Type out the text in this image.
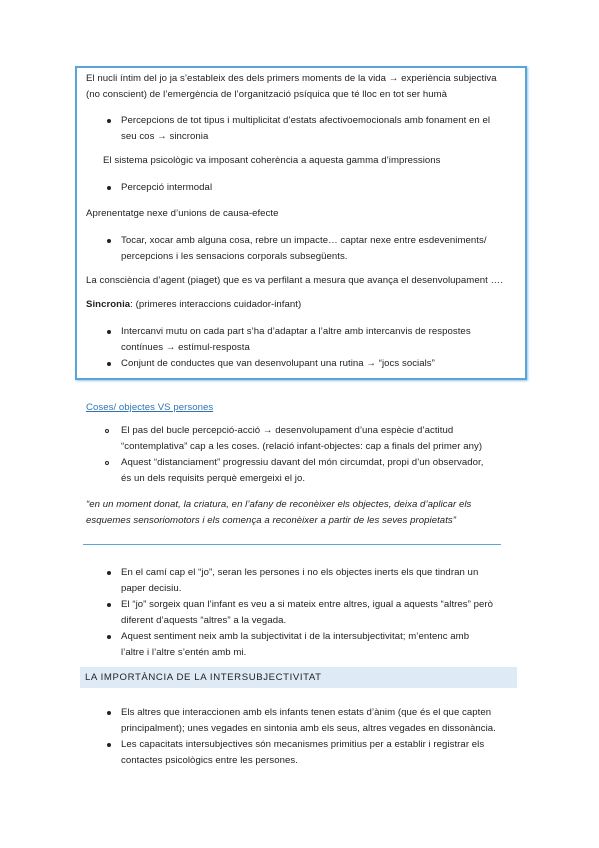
El nucli íntim del jo ja s’estableix des dels primers moments de la vida → experiència subjectiva
(no conscient) de l’emergència de l’organització psíquica que té lloc en tot ser humà
Percepcions de tot tipus i multiplicitat d’estats afectivoemocionals amb fonament en el
seu cos → sincronia
El sistema psicològic va imposant coherència a aquesta gamma d’impressions
Percepció intermodal
Aprenentatge nexe d’unions de causa-efecte
Tocar, xocar amb alguna cosa, rebre un impacte… captar nexe entre esdeveniments/
percepcions i les sensacions corporals subsegüents.
La consciència d’agent (piaget) que es va perfilant a mesura que avança el desenvolupament ….
Sincronia: (primeres interaccions cuidador-infant)
Intercanvi mutu on cada part s’ha d’adaptar a l’altre amb intercanvis de respostes
contínues → estímul-resposta
Conjunt de conductes que van desenvolupant una rutina → “jocs socials”
Coses/ objectes VS persones
El pas del bucle percepció-acció → desenvolupament d’una espècie d’actitud
“contemplativa” cap a les coses. (relació infant-objectes: cap a finals del primer any)
Aquest “distanciament” progressiu davant del món circumdat, propi d’un observador,
és un dels requisits perquè emergeixi el jo.
“en un moment donat, la criatura, en l’afany de reconèixer els objectes, deixa d’aplicar els
esquemes sensoriomotors i els comença a reconèixer a partir de les seves propietats”
En el camí cap el “jo”, seran les persones i no els objectes inerts els que tindran un
paper decisiu.
El “jo” sorgeix quan l’infant es veu a si mateix entre altres, igual a aquests “altres” però
diferent d’aquests “altres” a la vegada.
Aquest sentiment neix amb la subjectivitat i de la intersubjectivitat; m’entenc amb
l’altre i l’altre s’entén amb mi.
LA IMPORTÀNCIA DE LA INTERSUBJECTIVITAT
Els altres que interaccionen amb els infants tenen estats d’ànim (que és el que capten
principalment); unes vegades en sintonia amb els seus, altres vegades en dissonància.
Les capacitats intersubjectives són mecanismes primitius per a establir i registrar els
contactes psicològics entre les persones.
